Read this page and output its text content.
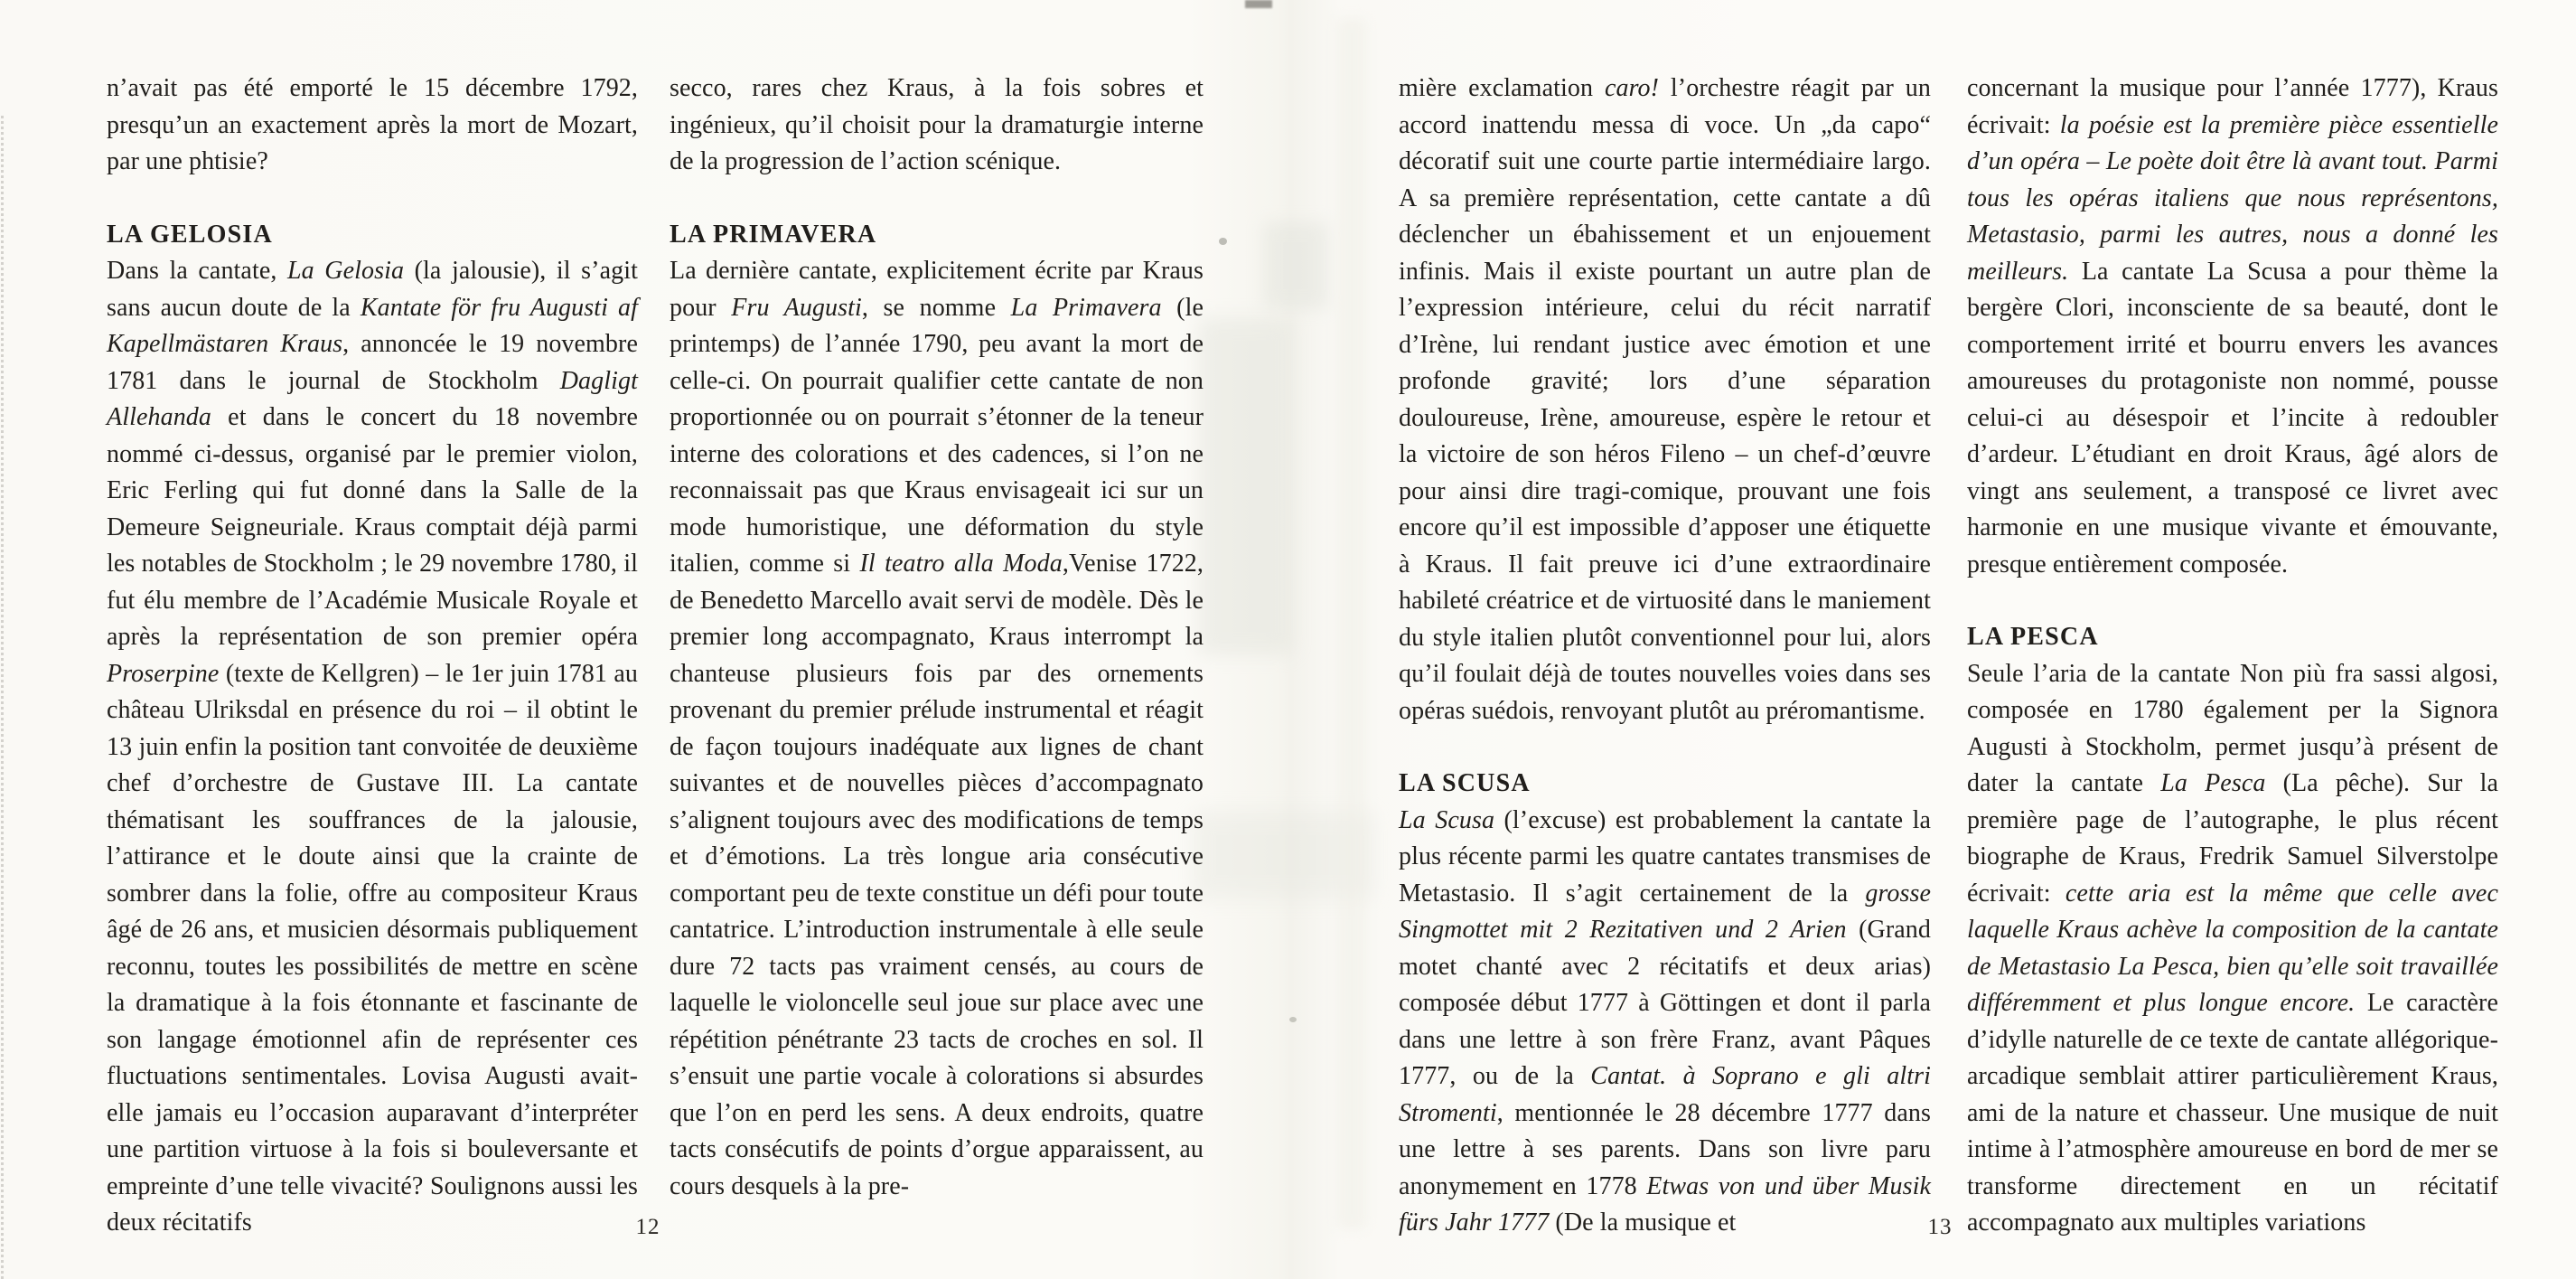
n’avait pas été emporté le 15 décembre 1792, presqu’un an exactement après la mort de Mozart, par une phtisie?

LA GELOSIA

Dans la cantate, La Gelosia (la jalousie), il s’agit sans aucun doute de la Kantate för fru Augusti af Kapellmästaren Kraus, annoncée le 19 novembre 1781 dans le journal de Stockholm Dagligt Allehanda et dans le concert du 18 novembre nommé ci-dessus, organisé par le premier violon, Eric Ferling qui fut donné dans la Salle de la Demeure Seigneuriale. Kraus comptait déjà parmi les notables de Stockholm ; le 29 novembre 1780, il fut élu membre de l’Académie Musicale Royale et après la représentation de son premier opéra Proserpine (texte de Kellgren) – le 1er juin 1781 au château Ulriksdal en présence du roi – il obtint le 13 juin enfin la position tant convoitée de deuxième chef d’orchestre de Gustave III. La cantate thématisant les souffrances de la jalousie, l’attirance et le doute ainsi que la crainte de sombrer dans la folie, offre au compositeur Kraus âgé de 26 ans, et musicien désormais publiquement reconnu, toutes les possibilités de mettre en scène la dramatique à la fois étonnante et fascinante de son langage émotionnel afin de représenter ces fluctuations sentimentales. Lovisa Augusti avait-elle jamais eu l’occasion auparavant d’interpréter une partition virtuose à la fois si bouleversante et empreinte d’une telle vivacité? Soulignons aussi les deux récitatifs

secco, rares chez Kraus, à la fois sobres et ingénieux, qu’il choisit pour la dramaturgie interne de la progression de l’action scénique.

LA PRIMAVERA

La dernière cantate, explicitement écrite par Kraus pour Fru Augusti, se nomme La Primavera (le printemps) de l’année 1790, peu avant la mort de celle-ci. On pourrait qualifier cette cantate de non proportionnée ou on pourrait s’étonner de la teneur interne des colorations et des cadences, si l’on ne reconnaissait pas que Kraus envisageait ici sur un mode humoristique, une déformation du style italien, comme si Il teatro alla Moda,Venise 1722, de Benedetto Marcello avait servi de modèle. Dès le premier long accompagnato, Kraus interrompt la chanteuse plusieurs fois par des ornements provenant du premier prélude instrumental et réagit de façon toujours inadéquate aux lignes de chant suivantes et de nouvelles pièces d’accompagnato s’alignent toujours avec des modifications de temps et d’émotions. La très longue aria consécutive comportant peu de texte constitue un défi pour toute cantatrice. L’introduction instrumentale à elle seule dure 72 tacts pas vraiment censés, au cours de laquelle le violoncelle seul joue sur place avec une répétition pénétrante 23 tacts de croches en sol. Il s’ensuit une partie vocale à colorations si absurdes que l’on en perd les sens. A deux endroits, quatre tacts consécutifs de points d’orgue apparaissent, au cours desquels à la pre-

mière exclamation caro! l’orchestre réagit par un accord inattendu messa di voce. Un „da capo“ décoratif suit une courte partie intermédiaire largo. A sa première représentation, cette cantate a dû déclencher un ébahissement et un enjouement infinis. Mais il existe pourtant un autre plan de l’expression intérieure, celui du récit narratif d’Irène, lui rendant justice avec émotion et une profonde gravité; lors d’une séparation douloureuse, Irène, amoureuse, espère le retour et la victoire de son héros Fileno – un chef-d’œuvre pour ainsi dire tragi-comique, prouvant une fois encore qu’il est impossible d’apposer une étiquette à Kraus. Il fait preuve ici d’une extraordinaire habileté créatrice et de virtuosité dans le maniement du style italien plutôt conventionnel pour lui, alors qu’il foulait déjà de toutes nouvelles voies dans ses opéras suédois, renvoyant plutôt au préromantisme.

LA SCUSA

La Scusa (l’excuse) est probablement la cantate la plus récente parmi les quatre cantates transmises de Metastasio. Il s’agit certainement de la grosse Singmottet mit 2 Rezitativen und 2 Arien (Grand motet chanté avec 2 récitatifs et deux arias) composée début 1777 à Göttingen et dont il parla dans une lettre à son frère Franz, avant Pâques 1777, ou de la Cantat. à Soprano e gli altri Stromenti, mentionnée le 28 décembre 1777 dans une lettre à ses parents. Dans son livre paru anonymement en 1778 Etwas von und über Musik fürs Jahr 1777 (De la musique et

concernant la musique pour l’année 1777), Kraus écrivait: la poésie est la première pièce essentielle d’un opéra – Le poète doit être là avant tout. Parmi tous les opéras italiens que nous représentons, Metastasio, parmi les autres, nous a donné les meilleurs. La cantate La Scusa a pour thème la bergère Clori, inconsciente de sa beauté, dont le comportement irrité et bourru envers les avances amoureuses du protagoniste non nommé, pousse celui-ci au désespoir et l’incite à redoubler d’ardeur. L’étudiant en droit Kraus, âgé alors de vingt ans seulement, a transposé ce livret avec harmonie en une musique vivante et émouvante, presque entièrement composée.

LA PESCA

Seule l’aria de la cantate Non più fra sassi algosi, composée en 1780 également per la Signora Augusti à Stockholm, permet jusqu’à présent de dater la cantate La Pesca (La pêche). Sur la première page de l’autographe, le plus récent biographe de Kraus, Fredrik Samuel Silverstolpe écrivait: cette aria est la même que celle avec laquelle Kraus achève la composition de la cantate de Metastasio La Pesca, bien qu’elle soit travaillée différemment et plus longue encore. Le caractère d’idylle naturelle de ce texte de cantate allégorique-arcadique semblait attirer particulièrement Kraus, ami de la nature et chasseur. Une musique de nuit intime à l’atmosphère amoureuse en bord de mer se transforme directement en un récitatif accompagnato aux multiples variations

12	13
